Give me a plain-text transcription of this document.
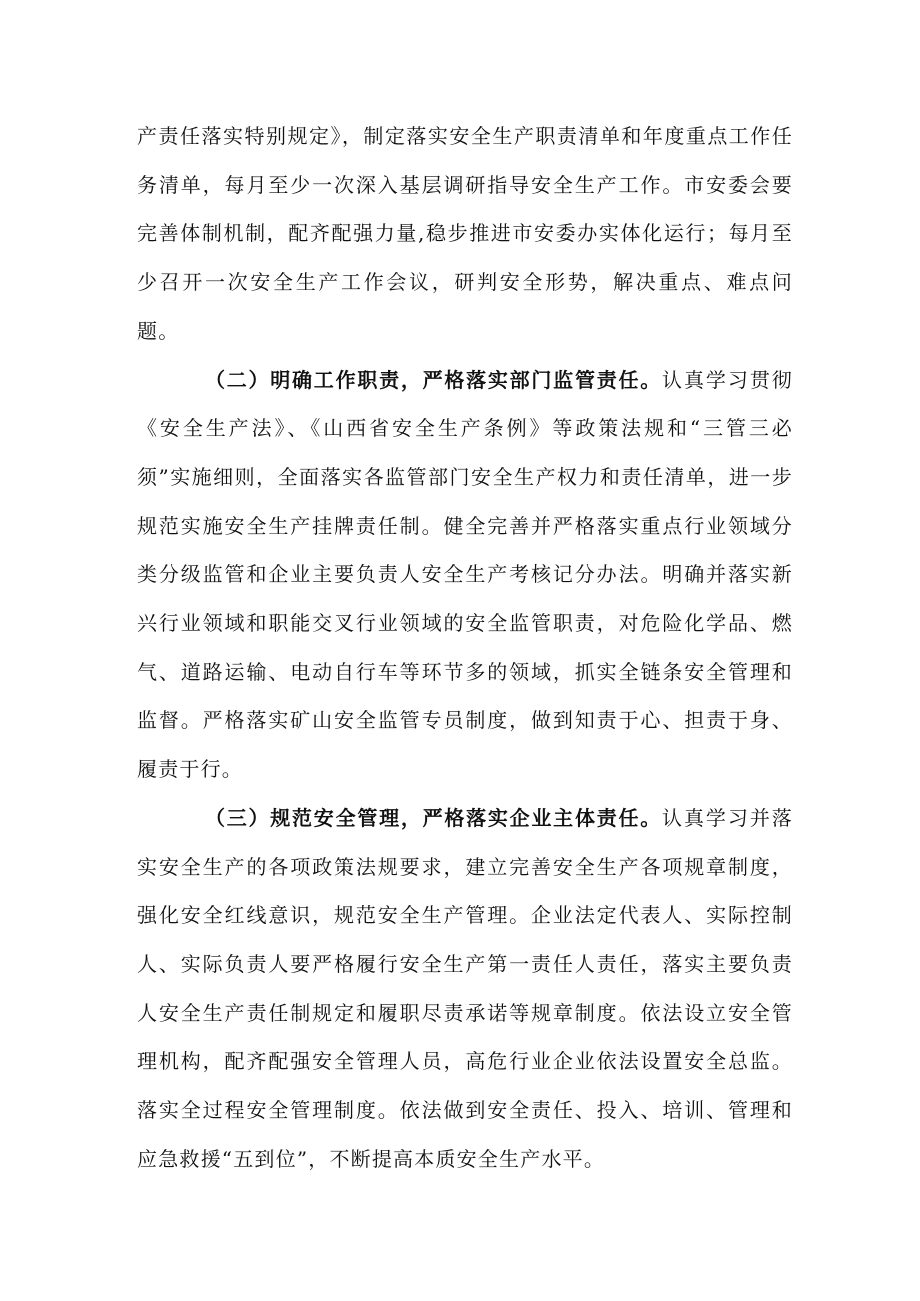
产责任落实特别规定》，制定落实安全生产职责清单和年度重点工作任务清单，每月至少一次深入基层调研指导安全生产工作。市安委会要完善体制机制，配齐配强力量,稳步推进市安委办实体化运行；每月至少召开一次安全生产工作会议，研判安全形势，解决重点、难点问题。

（二）明确工作职责，严格落实部门监管责任。认真学习贯彻《安全生产法》、《山西省安全生产条例》等政策法规和“三管三必须”实施细则，全面落实各监管部门安全生产权力和责任清单，进一步规范实施安全生产挂牌责任制。健全完善并严格落实重点行业领域分类分级监管和企业主要负责人安全生产考核记分办法。明确并落实新兴行业领域和职能交叉行业领域的安全监管职责，对危险化学品、燃气、道路运输、电动自行车等环节多的领域，抓实全链条安全管理和监督。严格落实矿山安全监管专员制度，做到知责于心、担责于身、履责于行。

（三）规范安全管理，严格落实企业主体责任。认真学习并落实安全生产的各项政策法规要求，建立完善安全生产各项规章制度，强化安全红线意识，规范安全生产管理。企业法定代表人、实际控制人、实际负责人要严格履行安全生产第一责任人责任，落实主要负责人安全生产责任制规定和履职尽责承诺等规章制度。依法设立安全管理机构，配齐配强安全管理人员，高危行业企业依法设置安全总监。落实全过程安全管理制度。依法做到安全责任、投入、培训、管理和应急救援“五到位”，不断提高本质安全生产水平。
